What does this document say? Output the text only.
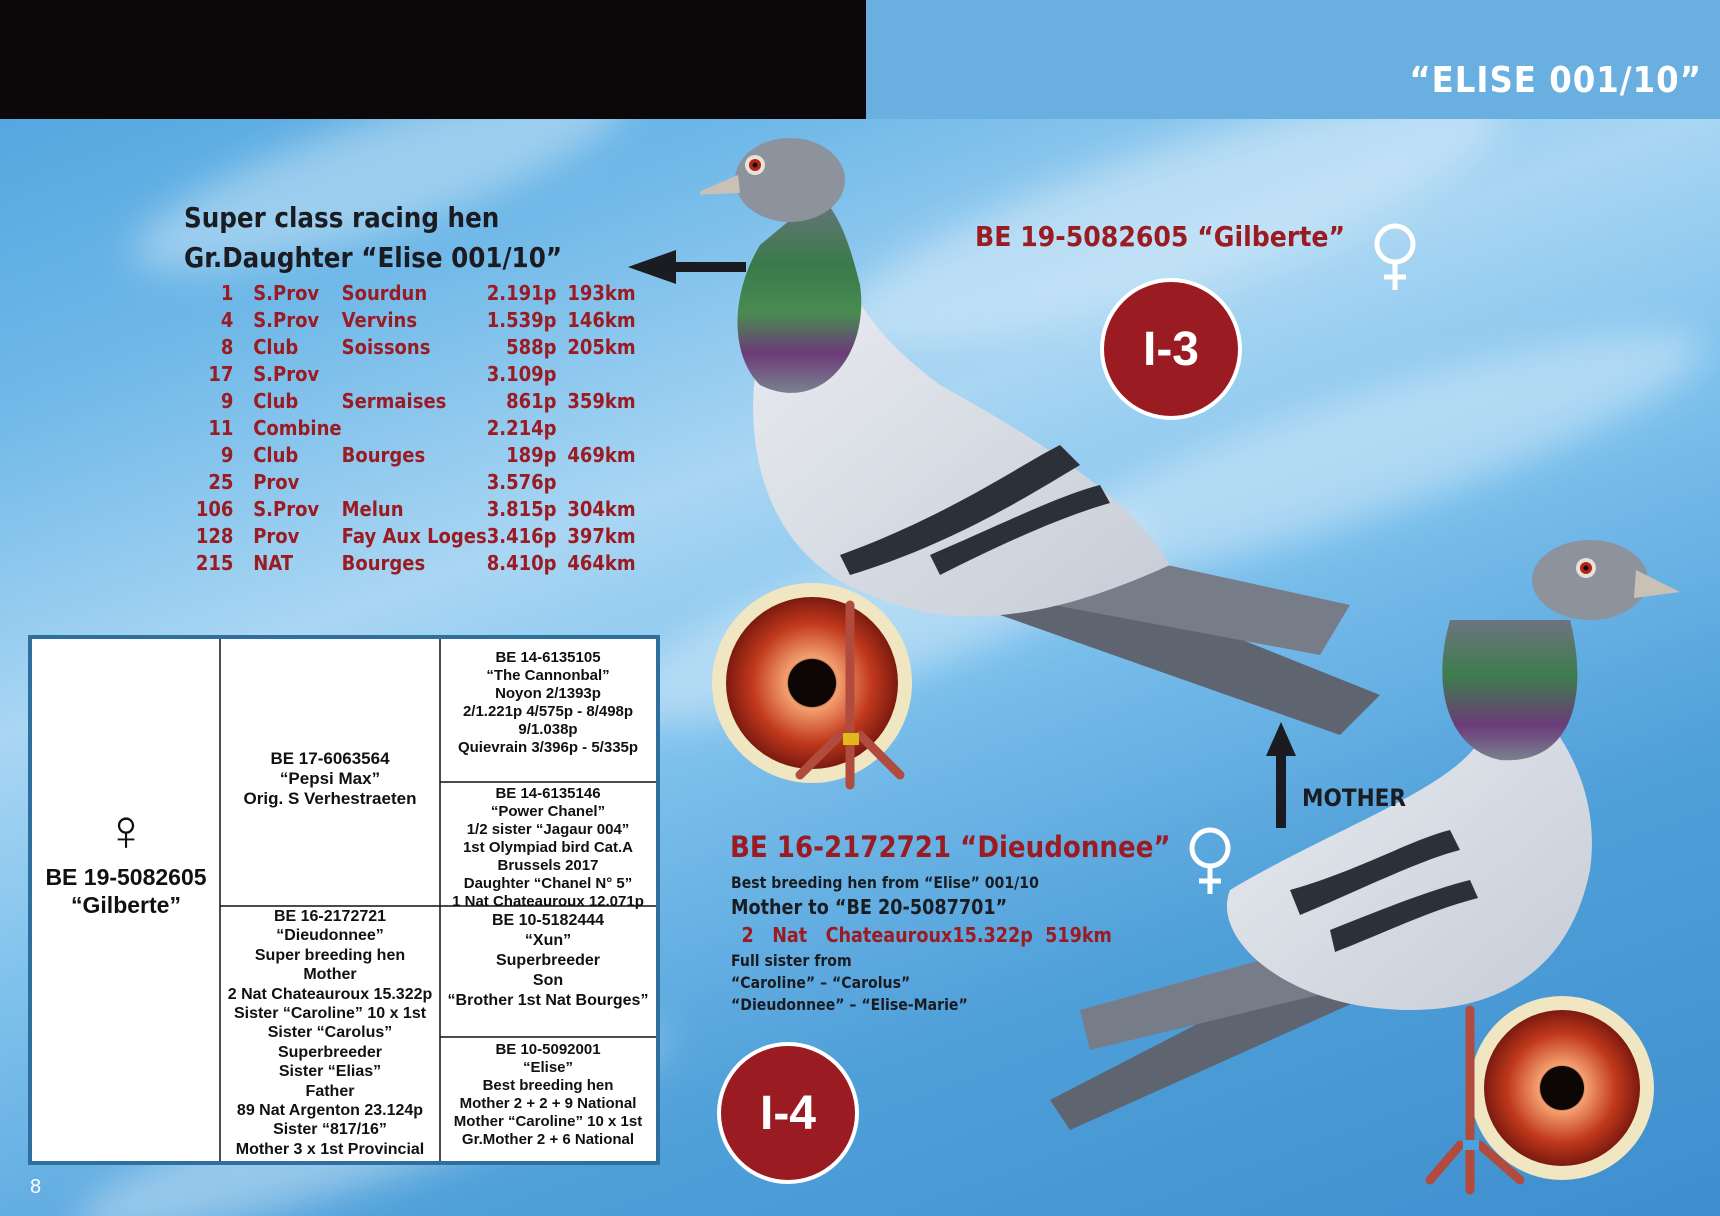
“ELISE 001/10”
Super class racing hen
Gr.Daughter “Elise 001/10”
1	S.Prov	Sourdun	2.191p	193km
4	S.Prov	Vervins	1.539p	146km
8	Club	Soissons	588p	205km
17	S.Prov		3.109p	
9	Club	Sermaises	861p	359km
11	Combine		2.214p	
9	Club	Bourges	189p	469km
25	Prov		3.576p	
106	S.Prov	Melun	3.815p	304km
128	Prov	Fay Aux Loges	3.416p	397km
215	NAT	Bourges	8.410p	464km
BE 19-5082605 “Gilberte”
I-3
MOTHER
BE 16-2172721 “Dieudonnee”
Best breeding hen from “Elise” 001/10
Mother to “BE 20-5087701”
2   Nat   Chateauroux15.322p  519km
Full sister from
“Caroline” – “Carolus”
“Dieudonnee” – “Elise-Marie”
I-4
♀
BE 19-5082605
“Gilberte”
BE 17-6063564
“Pepsi Max”
Orig. S Verhestraeten
BE 16-2172721
“Dieudonnee”
Super breeding hen
Mother
2 Nat Chateauroux 15.322p
Sister “Caroline” 10 x 1st
Sister “Carolus”
Superbreeder
Sister “Elias”
Father
89 Nat Argenton 23.124p
Sister “817/16”
Mother 3 x 1st Provincial
BE 14-6135105
“The Cannonbal”
Noyon 2/1393p
2/1.221p 4/575p - 8/498p
9/1.038p
Quievrain 3/396p - 5/335p
BE 14-6135146
“Power Chanel”
1/2 sister “Jagaur 004”
1st Olympiad bird Cat.A
Brussels 2017
Daughter “Chanel N° 5”
1 Nat Chateauroux 12.071p
BE 10-5182444
“Xun”
Superbreeder
Son
“Brother 1st Nat Bourges”
BE 10-5092001
“Elise”
Best breeding hen
Mother 2 + 2 + 9 National
Mother “Caroline” 10 x 1st
Gr.Mother 2 + 6 National
8
